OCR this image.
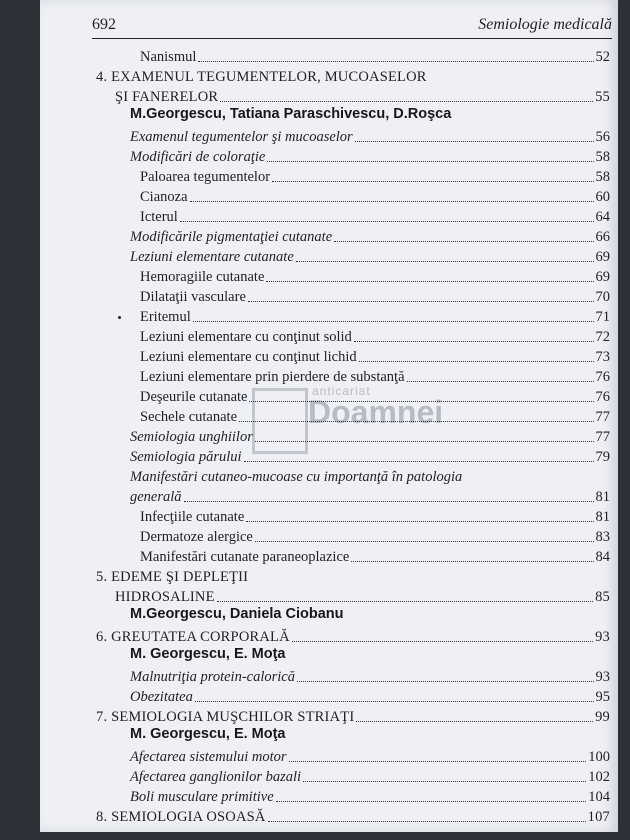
692	Semiologie medicală
anticariat
Doamnei
Nanismul	52
4. EXAMENUL TEGUMENTELOR, MUCOASELOR
ŞI FANERELOR	55
M.Georgescu, Tatiana Paraschivescu, D.Roşca
Examenul tegumentelor şi mucoaselor	56
Modificări de coloraţie	58
Paloarea tegumentelor	58
Cianoza	60
Icterul	64
Modificările pigmentaţiei cutanate	66
Leziuni elementare cutanate	69
Hemoragiile cutanate	69
Dilataţii vasculare	70
Eritemul	71
Leziuni elementare cu conţinut solid	72
Leziuni elementare cu conţinut lichid	73
Leziuni elementare prin pierdere de substanţă	76
Deşeurile cutanate	76
Sechele cutanate	77
Semiologia unghiilor	77
Semiologia părului	79
Manifestări cutaneo-mucoase cu importanţă în patologia
generală	81
Infecţiile cutanate	81
Dermatoze alergice	83
Manifestări cutanate paraneoplazice	84
5. EDEME ŞI DEPLEŢII
HIDROSALINE	85
M.Georgescu, Daniela Ciobanu
6. GREUTATEA CORPORALĂ	93
M. Georgescu, E. Moţa
Malnutriţia protein-calorică	93
Obezitatea	95
7. SEMIOLOGIA MUŞCHILOR STRIAŢI	99
M. Georgescu, E. Moţa
Afectarea sistemului motor	100
Afectarea ganglionilor bazali	102
Boli musculare primitive	104
8. SEMIOLOGIA OSOASĂ	107
